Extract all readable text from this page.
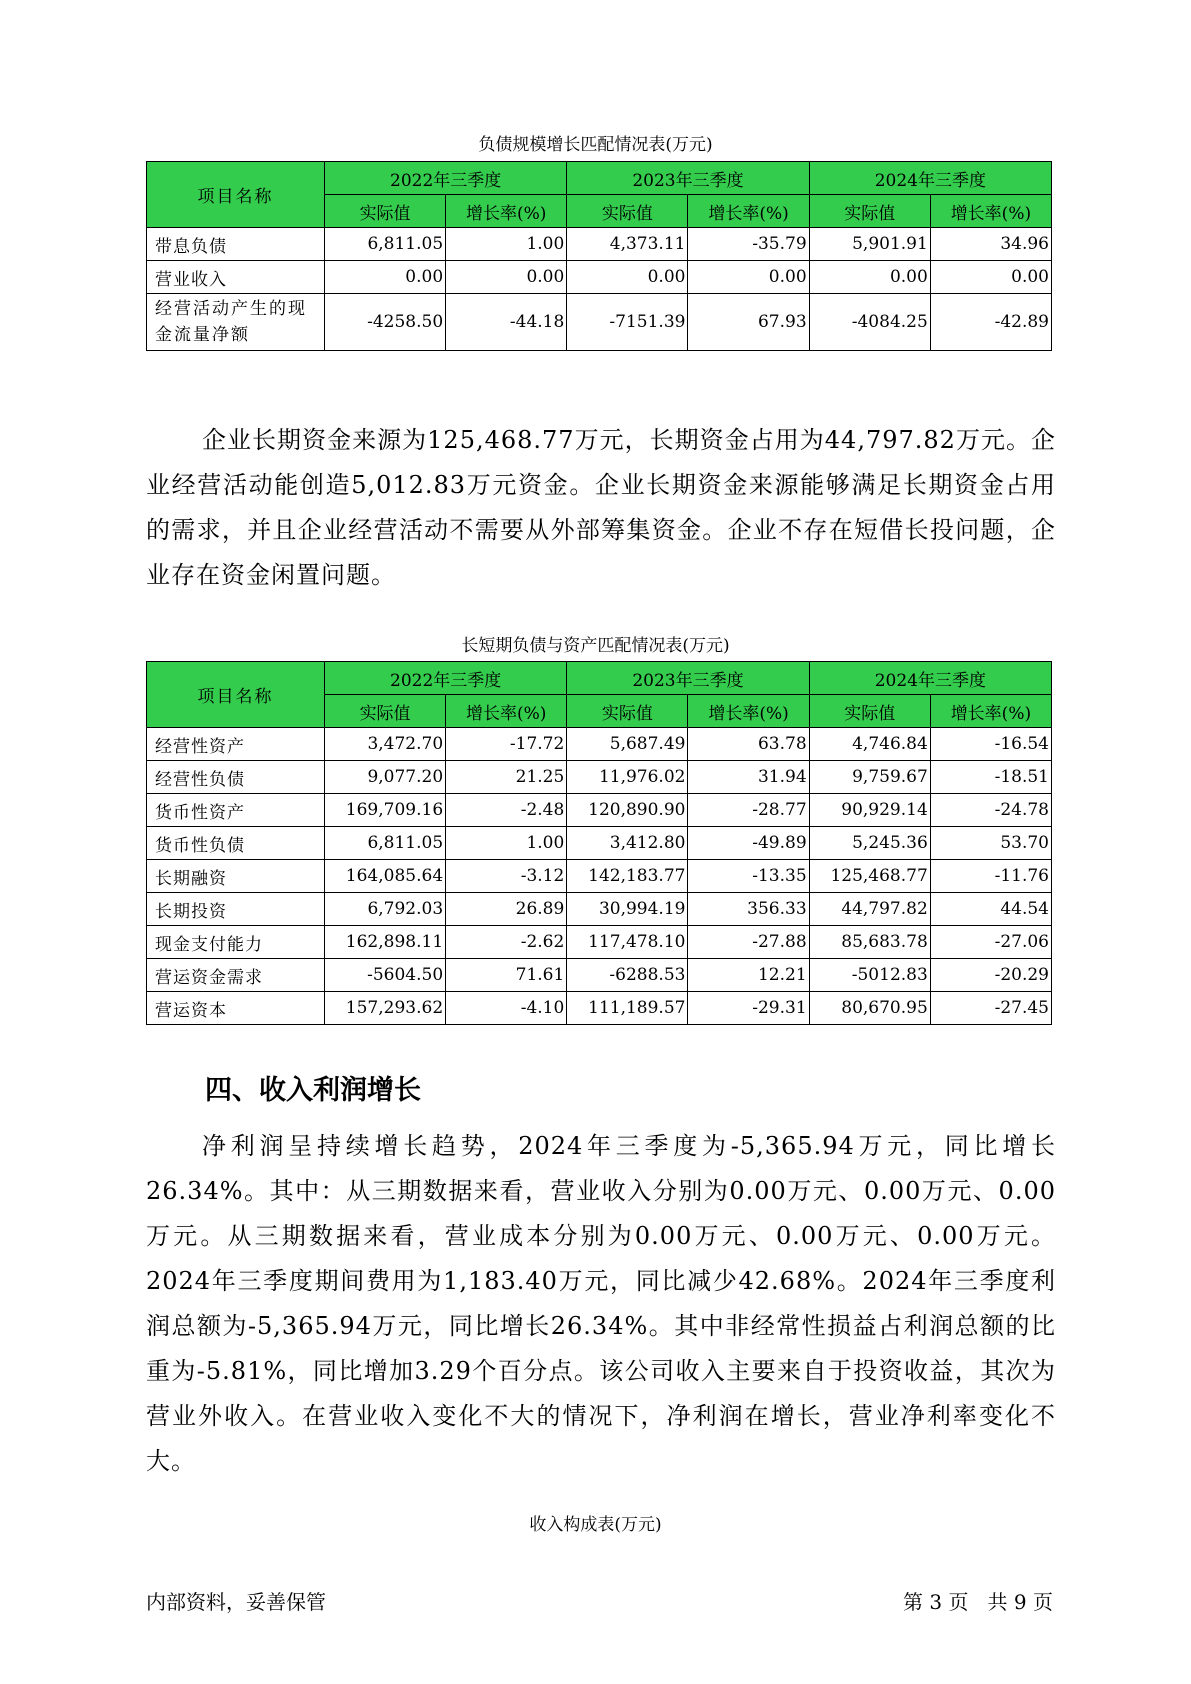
负债规模增长匹配情况表(万元)
项目名称	2022年三季度		2023年三季度		2024年三季度	
	实际值	增长率(%)	实际值	增长率(%)	实际值	增长率(%)
带息负债	6,811.05	1.00	4,373.11	-35.79	5,901.91	34.96
营业收入	0.00	0.00	0.00	0.00	0.00	0.00
经营活动产生的现金流量净额	-4258.50	-44.18	-7151.39	67.93	-4084.25	-42.89

企业长期资金来源为125,468.77万元，长期资金占用为44,797.82万元。企业经营活动能创造5,012.83万元资金。企业长期资金来源能够满足长期资金占用的需求，并且企业经营活动不需要从外部筹集资金。企业不存在短借长投问题，企业存在资金闲置问题。

长短期负债与资产匹配情况表(万元)
项目名称	2022年三季度		2023年三季度		2024年三季度	
	实际值	增长率(%)	实际值	增长率(%)	实际值	增长率(%)
经营性资产	3,472.70	-17.72	5,687.49	63.78	4,746.84	-16.54
经营性负债	9,077.20	21.25	11,976.02	31.94	9,759.67	-18.51
货币性资产	169,709.16	-2.48	120,890.90	-28.77	90,929.14	-24.78
货币性负债	6,811.05	1.00	3,412.80	-49.89	5,245.36	53.70
长期融资	164,085.64	-3.12	142,183.77	-13.35	125,468.77	-11.76
长期投资	6,792.03	26.89	30,994.19	356.33	44,797.82	44.54
现金支付能力	162,898.11	-2.62	117,478.10	-27.88	85,683.78	-27.06
营运资金需求	-5604.50	71.61	-6288.53	12.21	-5012.83	-20.29
营运资本	157,293.62	-4.10	111,189.57	-29.31	80,670.95	-27.45
四、收入利润增长

净利润呈持续增长趋势，2024年三季度为-5,365.94万元，同比增长26.34%。其中：从三期数据来看，营业收入分别为0.00万元、0.00万元、0.00万元。从三期数据来看，营业成本分别为0.00万元、0.00万元、0.00万元。2024年三季度期间费用为1,183.40万元，同比减少42.68%。2024年三季度利润总额为-5,365.94万元，同比增长26.34%。其中非经常性损益占利润总额的比重为-5.81%，同比增加3.29个百分点。该公司收入主要来自于投资收益，其次为营业外收入。在营业收入变化不大的情况下，净利润在增长，营业净利率变化不大。

收入构成表(万元)
内部资料，妥善保管	第 3 页   共 9 页
